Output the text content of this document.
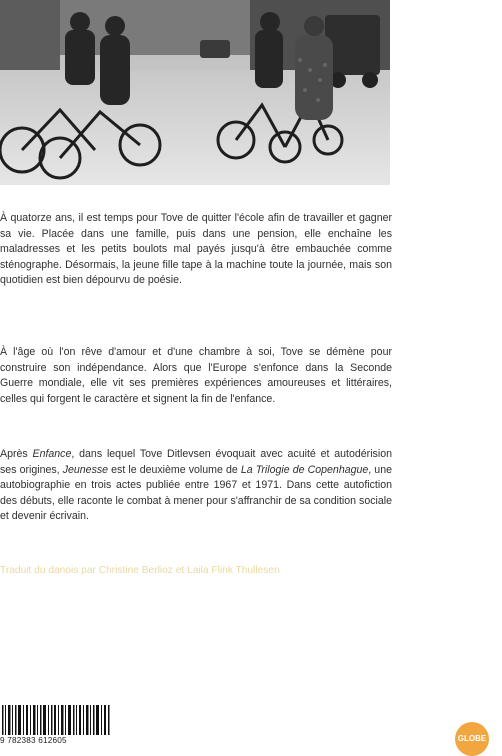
À quatorze ans, il est temps pour Tove de quitter l'école afin de travailler et gagner sa vie. Placée dans une famille, puis dans une pension, elle enchaîne les maladresses et les petits boulots mal payés jusqu'à être embauchée comme sténographe. Désormais, la jeune fille tape à la machine toute la journée, mais son quotidien est bien dépourvu de poésie.

À l'âge où l'on rêve d'amour et d'une chambre à soi, Tove se démène pour construire son indépendance. Alors que l'Europe s'enfonce dans la Seconde Guerre mondiale, elle vit ses premières expériences amoureuses et littéraires, celles qui forgent le caractère et signent la fin de l'enfance.

Après Enfance, dans lequel Tove Ditlevsen évoquait avec acuité et autodérision ses origines, Jeunesse est le deuxième volume de La Trilogie de Copenhague, une autobiographie en trois actes publiée entre 1967 et 1971. Dans cette autofiction des débuts, elle raconte le combat à mener pour s'affranchir de sa condition sociale et devenir écrivain.

Traduit du danois par Christine Berlioz et Laila Flink Thullesen
9 782383 612605	GLOBE
